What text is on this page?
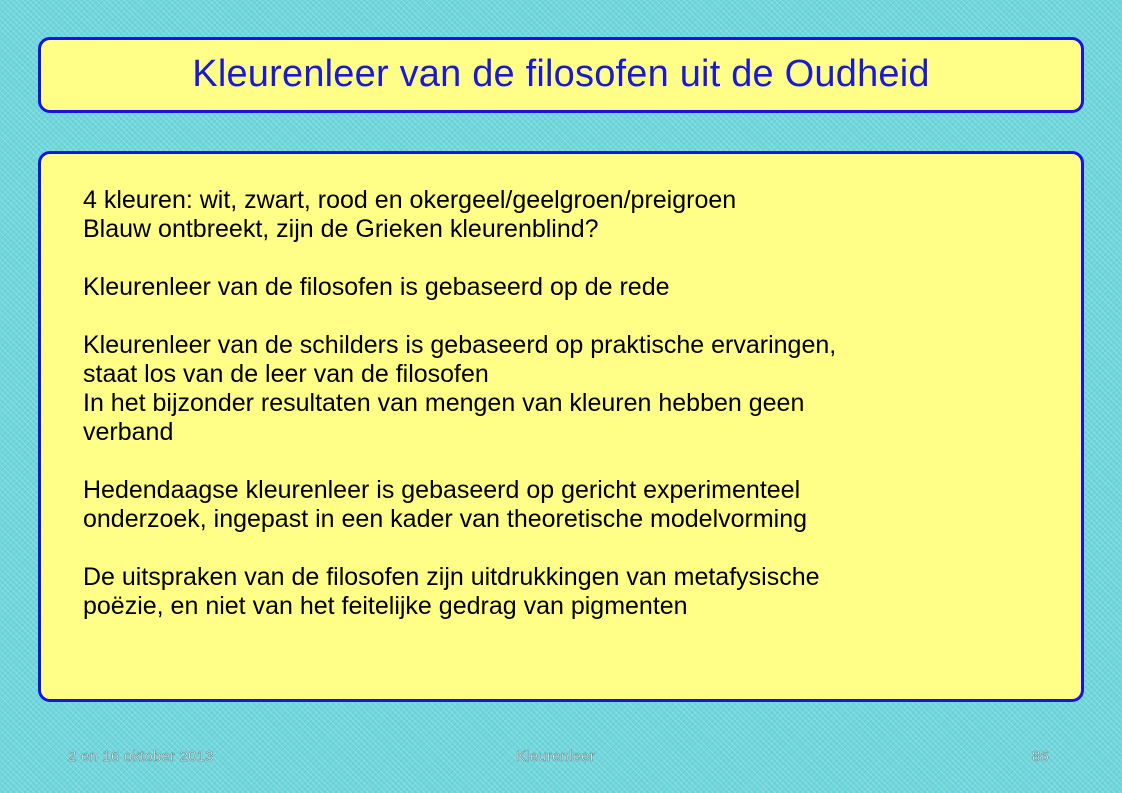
Kleurenleer van de filosofen uit de Oudheid
4 kleuren: wit, zwart, rood en okergeel/geelgroen/preigroen
Blauw ontbreekt, zijn de Grieken kleurenblind?
Kleurenleer van de filosofen is gebaseerd op de rede
Kleurenleer van de schilders is gebaseerd op praktische ervaringen,
staat los van de leer van de filosofen
In het bijzonder resultaten van mengen van kleuren hebben geen
verband
Hedendaagse kleurenleer is gebaseerd op gericht experimenteel
onderzoek, ingepast in een kader van theoretische modelvorming
De uitspraken van de filosofen zijn uitdrukkingen van metafysische
poëzie, en niet van het feitelijke gedrag van pigmenten
2 en 16 oktober 2013	Kleurenleer	86
